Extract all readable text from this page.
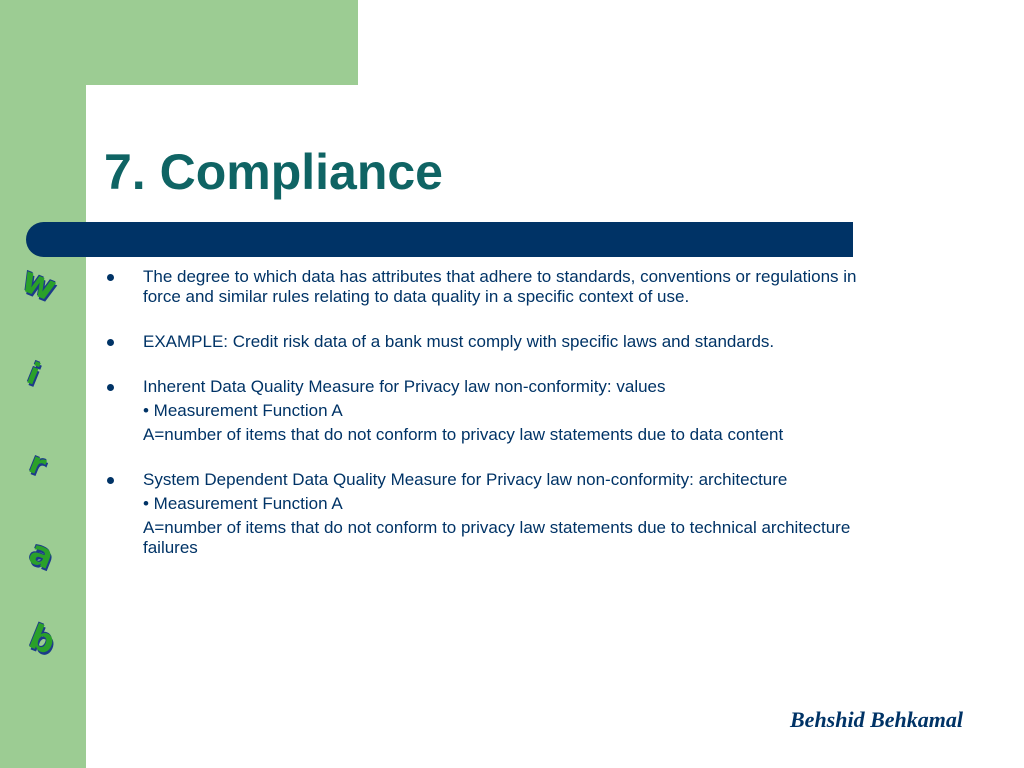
7. Compliance
w
i
r
a
b
The degree to which data has attributes that adhere to standards, conventions or regulations in force and similar rules relating to data quality in a specific context of use.
EXAMPLE: Credit risk data of a bank must comply with specific laws and standards.
Inherent Data Quality Measure for Privacy law non-conformity: values
• Measurement Function A
A=number of items that do not conform to privacy law statements due to data content
System Dependent Data Quality Measure for Privacy law non-conformity: architecture
• Measurement Function A
A=number of items that do not conform to privacy law statements due to technical architecture failures
Behshid Behkamal
